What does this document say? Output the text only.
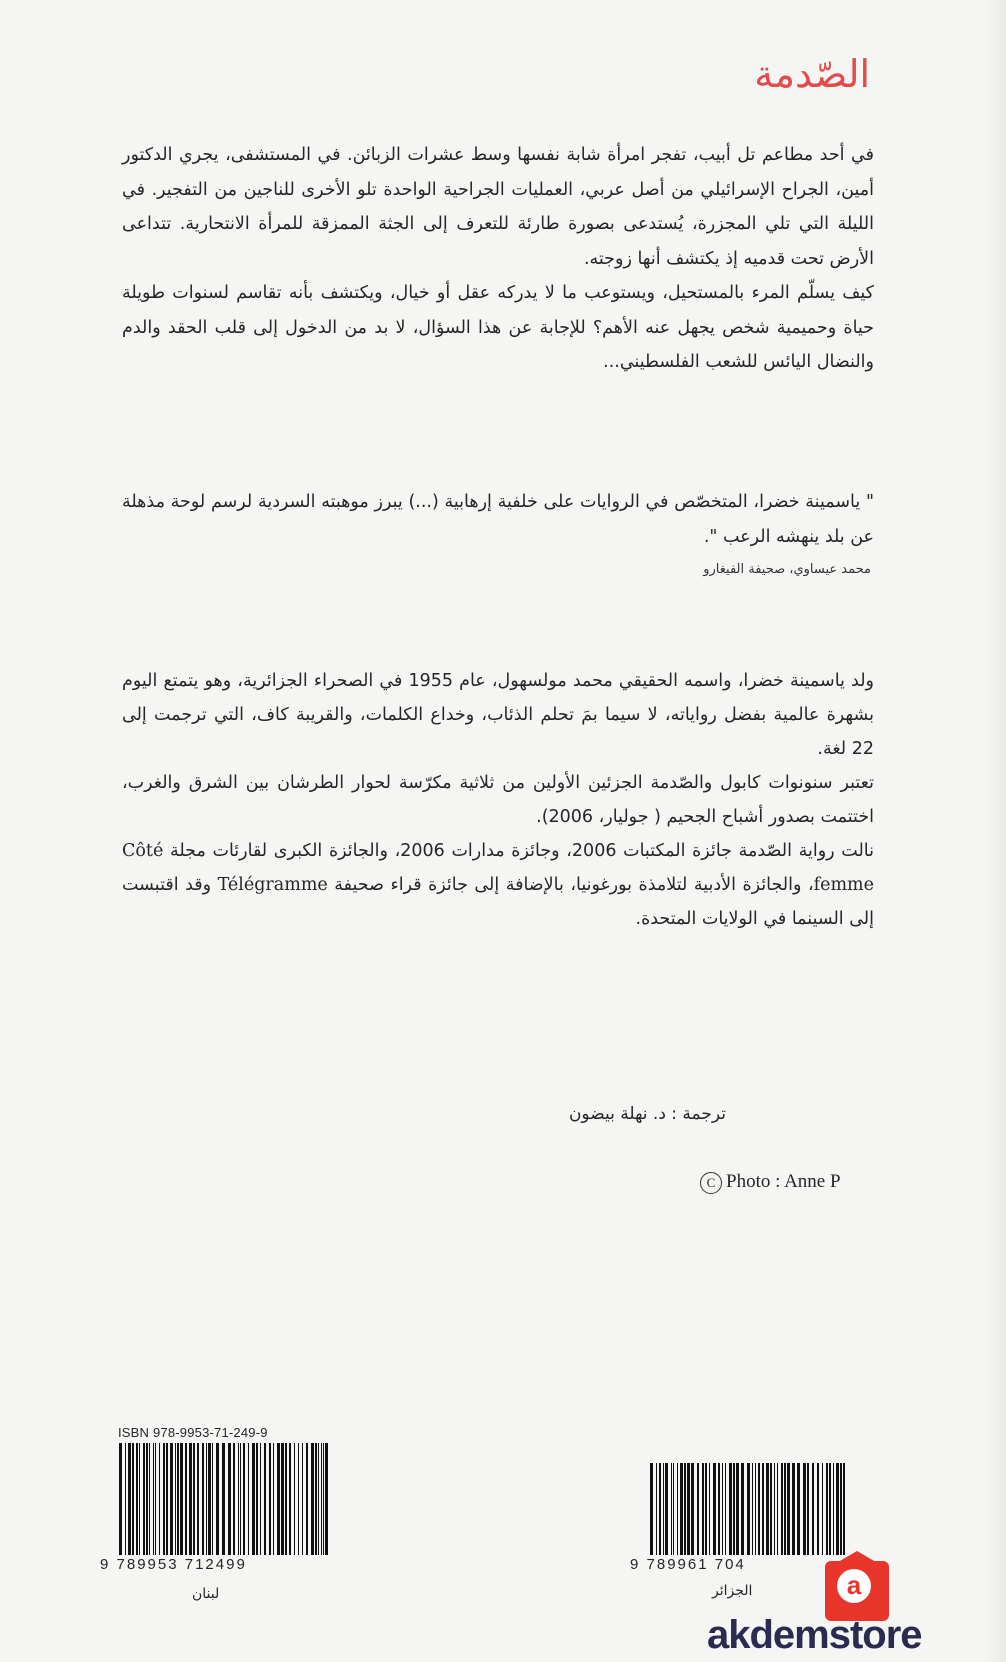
الصّدمة

في أحد مطاعم تل أبيب، تفجر امرأة شابة نفسها وسط عشرات الزبائن. في المستشفى، يجري الدكتور أمين، الجراح الإسرائيلي من أصل عربي، العمليات الجراحية الواحدة تلو الأخرى للناجين من التفجير. في الليلة التي تلي المجزرة، يُستدعى بصورة طارئة للتعرف إلى الجثة الممزقة للمرأة الانتحارية. تتداعى الأرض تحت قدميه إذ يكتشف أنها زوجته.

كيف يسلّم المرء بالمستحيل، ويستوعب ما لا يدركه عقل أو خيال، ويكتشف بأنه تقاسم لسنوات طويلة حياة وحميمية شخص يجهل عنه الأهم؟ للإجابة عن هذا السؤال، لا بد من الدخول إلى قلب الحقد والدم والنضال اليائس للشعب الفلسطيني...

" ياسمينة خضرا، المتخصّص في الروايات على خلفية إرهابية (...) يبرز موهبته السردية لرسم لوحة مذهلة عن بلد ينهشه الرعب ".

محمد عيساوي، صحيفة الفيغارو

ولد ياسمينة خضرا، واسمه الحقيقي محمد مولسهول، عام 1955 في الصحراء الجزائرية، وهو يتمتع اليوم بشهرة عالمية بفضل رواياته، لا سيما بمَ تحلم الذئاب، وخداع الكلمات، والقريبة كاف، التي ترجمت إلى 22 لغة.

تعتبر سنونوات كابول والصّدمة الجزئين الأولين من ثلاثية مكرّسة لحوار الطرشان بين الشرق والغرب، اختتمت بصدور أشباح الجحيم ( جوليار، 2006).

نالت رواية الصّدمة جائزة المكتبات 2006، وجائزة مدارات 2006، والجائزة الكبرى لقارئات مجلة Côté femme، والجائزة الأدبية لتلامذة بورغونيا، بالإضافة إلى جائزة قراء صحيفة Télégramme وقد اقتبست إلى السينما في الولايات المتحدة.

ترجمة : د. نهلة بيضون
C Photo : Anne P
ISBN 978-9953-71-249-9
9 789953 712499
لبنان
9 789961 704
الجزائر	a
akdemstore
